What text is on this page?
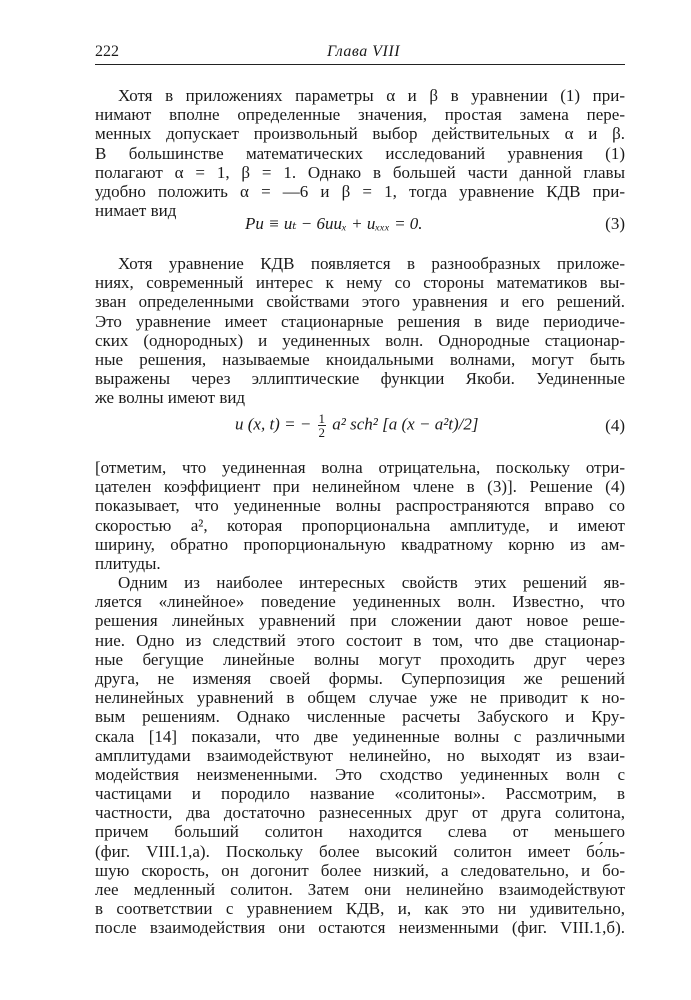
222	Глава VIII
Хотя в приложениях параметры α и β в уравнении (1) при-
нимают вполне определенные значения, простая замена пере-
менных допускает произвольный выбор действительных α и β.
В большинстве математических исследований уравнения (1)
полагают α = 1, β = 1. Однако в большей части данной главы
удобно положить α = —6 и β = 1, тогда уравнение КДВ при-
нимает вид
Pu ≡ uₜ − 6uuₓ + uₓₓₓ = 0.	(3)
Хотя уравнение КДВ появляется в разнообразных приложе-
ниях, современный интерес к нему со стороны математиков вы-
зван определенными свойствами этого уравнения и его решений.
Это уравнение имеет стационарные решения в виде периодиче-
ских (однородных) и уединенных волн. Однородные стационар-
ные решения, называемые кноидальными волнами, могут быть
выражены через эллиптические функции Якоби. Уединенные
же волны имеют вид
u (x, t) = − $\frac{1}{2} a^2$ sch² [a (x − a²t)/2]	(4)
[отметим, что уединенная волна отрицательна, поскольку отри-
цателен коэффициент при нелинейном члене в (3)]. Решение (4)
показывает, что уединенные волны распространяются вправо со
скоростью a², которая пропорциональна амплитуде, и имеют
ширину, обратно пропорциональную квадратному корню из ам-
плитуды.
Одним из наиболее интересных свойств этих решений яв-
ляется «линейное» поведение уединенных волн. Известно, что
решения линейных уравнений при сложении дают новое реше-
ние. Одно из следствий этого состоит в том, что две стационар-
ные бегущие линейные волны могут проходить друг через
друга, не изменяя своей формы. Суперпозиция же решений
нелинейных уравнений в общем случае уже не приводит к но-
вым решениям. Однако численные расчеты Забуского и Кру-
скала [14] показали, что две уединенные волны с различными
амплитудами взаимодействуют нелинейно, но выходят из взаи-
модействия неизмененными. Это сходство уединенных волн с
частицами и породило название «солитоны». Рассмотрим, в
частности, два достаточно разнесенных друг от друга солитона,
причем больший солитон находится слева от меньшего
(фиг. VIII.1,а). Поскольку более высокий солитон имеет бо́ль-
шую скорость, он догонит более низкий, а следовательно, и бо-
лее медленный солитон. Затем они нелинейно взаимодействуют
в соответствии с уравнением КДВ, и, как это ни удивительно,
после взаимодействия они остаются неизменными (фиг. VIII.1,б).
